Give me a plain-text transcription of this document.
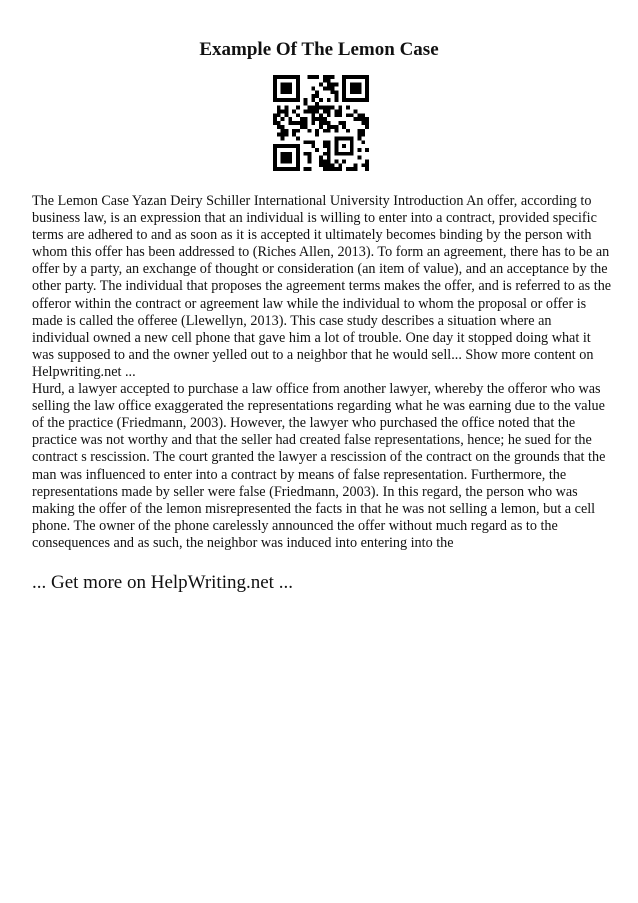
Example Of The Lemon Case

The Lemon Case Yazan Deiry Schiller International University Introduction An offer, according to business law, is an expression that an individual is willing to enter into a contract, provided specific terms are adhered to and as soon as it is accepted it ultimately becomes binding by the person with whom this offer has been addressed to (Riches Allen, 2013). To form an agreement, there has to be an offer by a party, an exchange of thought or consideration (an item of value), and an acceptance by the other party. The individual that proposes the agreement terms makes the offer, and is referred to as the offeror within the contract or agreement law while the individual to whom the proposal or offer is made is called the offeree (Llewellyn, 2013). This case study describes a situation where an individual owned a new cell phone that gave him a lot of trouble. One day it stopped doing what it was supposed to and the owner yelled out to a neighbor that he would sell... Show more content on Helpwriting.net ...

Hurd, a lawyer accepted to purchase a law office from another lawyer, whereby the offeror who was selling the law office exaggerated the representations regarding what he was earning due to the value of the practice (Friedmann, 2003). However, the lawyer who purchased the office noted that the practice was not worthy and that the seller had created false representations, hence; he sued for the contract s rescission. The court granted the lawyer a rescission of the contract on the grounds that the man was influenced to enter into a contract by means of false representation. Furthermore, the representations made by seller were false (Friedmann, 2003). In this regard, the person who was making the offer of the lemon misrepresented the facts in that he was not selling a lemon, but a cell phone. The owner of the phone carelessly announced the offer without much regard as to the consequences and as such, the neighbor was induced into entering into the

... Get more on HelpWriting.net ...
